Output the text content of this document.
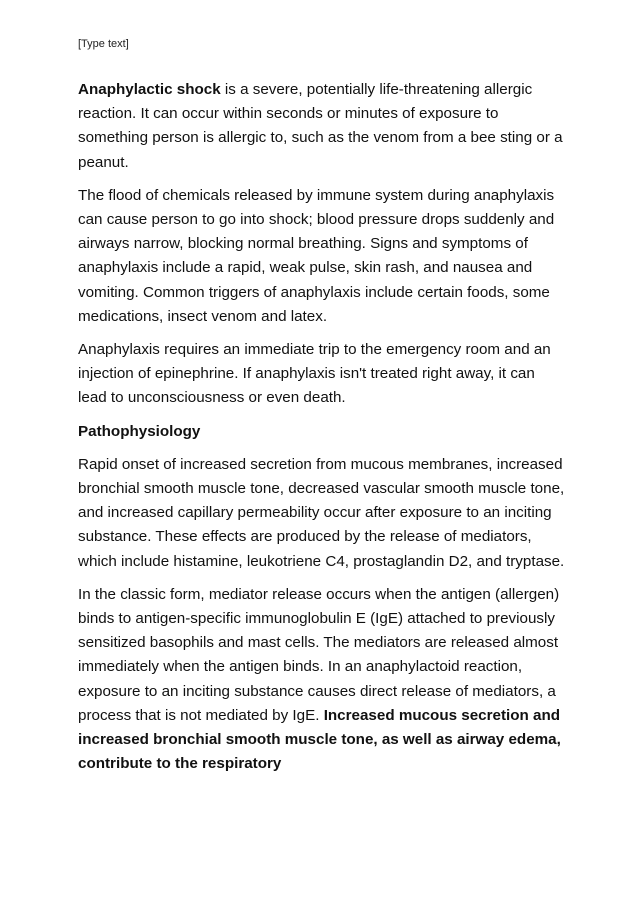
[Type text]

Anaphylactic shock is a severe, potentially life-threatening allergic reaction. It can occur within seconds or minutes of exposure to something person is allergic to, such as the venom from a bee sting or a peanut.

The flood of chemicals released by immune system during anaphylaxis can cause person to go into shock; blood pressure drops suddenly and airways narrow, blocking normal breathing. Signs and symptoms of anaphylaxis include a rapid, weak pulse, skin rash, and nausea and vomiting. Common triggers of anaphylaxis include certain foods, some medications, insect venom and latex.

Anaphylaxis requires an immediate trip to the emergency room and an injection of epinephrine. If anaphylaxis isn't treated right away, it can lead to unconsciousness or even death.

Pathophysiology

Rapid onset of increased secretion from mucous membranes, increased bronchial smooth muscle tone, decreased vascular smooth muscle tone, and increased capillary permeability occur after exposure to an inciting substance. These effects are produced by the release of mediators, which include histamine, leukotriene C4, prostaglandin D2, and tryptase.

In the classic form, mediator release occurs when the antigen (allergen) binds to antigen-specific immunoglobulin E (IgE) attached to previously sensitized basophils and mast cells. The mediators are released almost immediately when the antigen binds. In an anaphylactoid reaction, exposure to an inciting substance causes direct release of mediators, a process that is not mediated by IgE. Increased mucous secretion and increased bronchial smooth muscle tone, as well as airway edema, contribute to the respiratory
